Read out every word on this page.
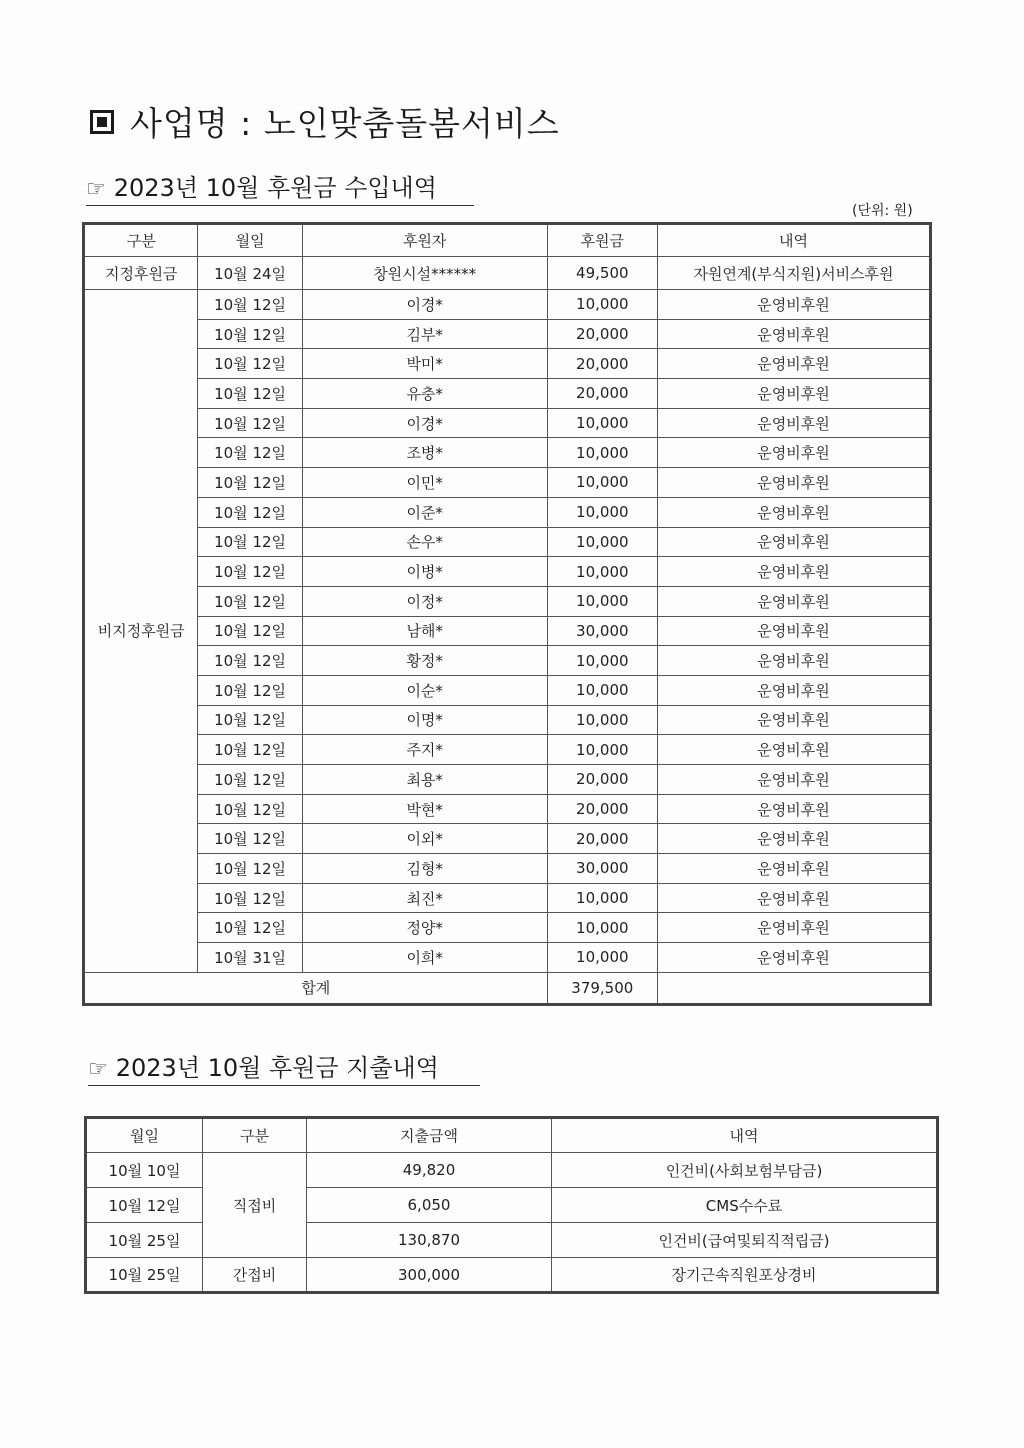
사업명 : 노인맞춤돌봄서비스
☞ 2023년 10월 후원금 수입내역
(단위: 원)
구분	월일	후원자	후원금	내역
지정후원금	10월 24일	창원시설******	49,500	자원연계(부식지원)서비스후원
비지정후원금	10월 12일	이경*	10,000	운영비후원
	10월 12일	김부*	20,000	운영비후원
	10월 12일	박미*	20,000	운영비후원
	10월 12일	유충*	20,000	운영비후원
	10월 12일	이경*	10,000	운영비후원
	10월 12일	조병*	10,000	운영비후원
	10월 12일	이민*	10,000	운영비후원
	10월 12일	이준*	10,000	운영비후원
	10월 12일	손우*	10,000	운영비후원
	10월 12일	이병*	10,000	운영비후원
	10월 12일	이정*	10,000	운영비후원
	10월 12일	남해*	30,000	운영비후원
	10월 12일	황정*	10,000	운영비후원
	10월 12일	이순*	10,000	운영비후원
	10월 12일	이명*	10,000	운영비후원
	10월 12일	주지*	10,000	운영비후원
	10월 12일	최용*	20,000	운영비후원
	10월 12일	박현*	20,000	운영비후원
	10월 12일	이외*	20,000	운영비후원
	10월 12일	김형*	30,000	운영비후원
	10월 12일	최진*	10,000	운영비후원
	10월 12일	정양*	10,000	운영비후원
	10월 31일	이희*	10,000	운영비후원
합계			379,500	
☞ 2023년 10월 후원금 지출내역
월일	구분	지출금액	내역
10월 10일	직접비	49,820	인건비(사회보험부담금)
10월 12일		6,050	CMS수수료
10월 25일		130,870	인건비(급여및퇴직적립금)
10월 25일	간접비	300,000	장기근속직원포상경비
